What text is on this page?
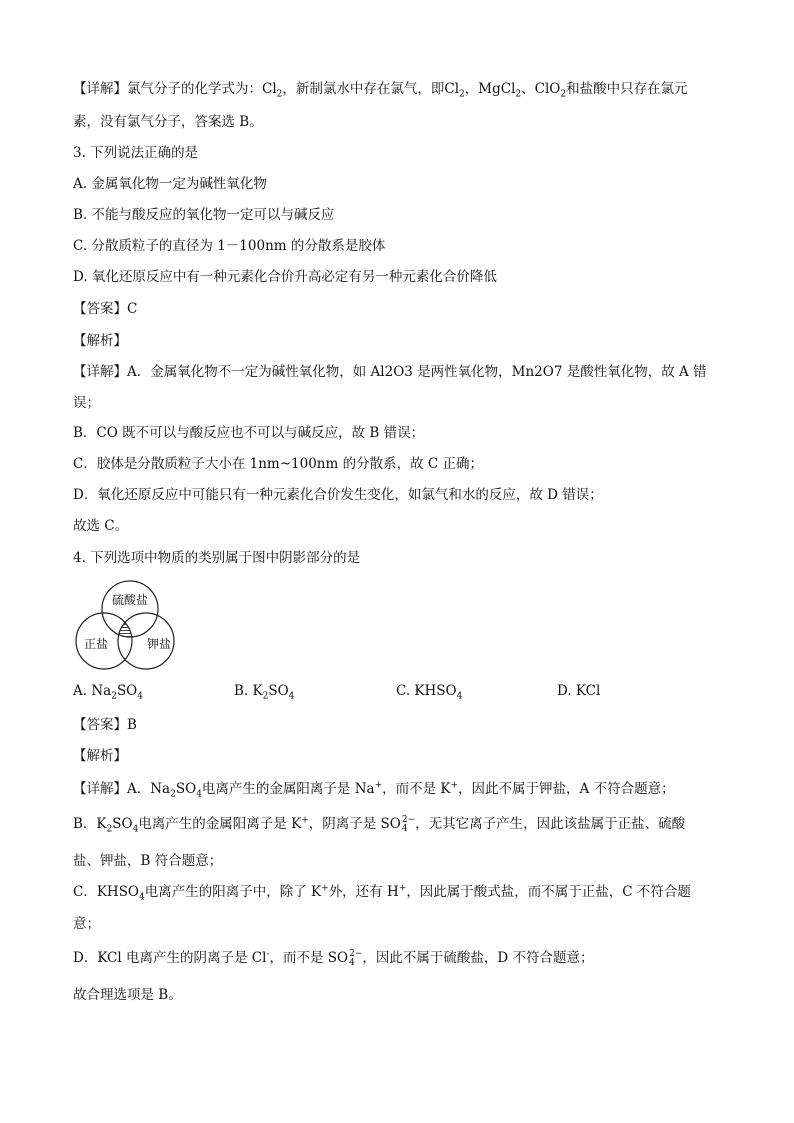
【详解】氯气分子的化学式为：$Cl_2$，新制氯水中存在氯气，即$Cl_2$，MgCl$_2$、ClO$_2$和盐酸中只存在氯元
素，没有氯气分子，答案选 B。
3. 下列说法正确的是
A. 金属氧化物一定为碱性氧化物
B. 不能与酸反应的氧化物一定可以与碱反应
C. 分散质粒子的直径为 1－100nm 的分散系是胶体
D. 氧化还原反应中有一种元素化合价升高必定有另一种元素化合价降低
【答案】C
【解析】
【详解】A．金属氧化物不一定为碱性氧化物，如 Al2O3 是两性氧化物，Mn2O7 是酸性氧化物，故 A 错
误；
B．CO 既不可以与酸反应也不可以与碱反应，故 B 错误；
C．胶体是分散质粒子大小在 1nm~100nm 的分散系，故 C 正确；
D．氧化还原反应中可能只有一种元素化合价发生变化，如氯气和水的反应，故 D 错误；
故选 C。
4. 下列选项中物质的类别属于图中阴影部分的是
硫酸盐
正盐	钾盐
A. $Na_2SO_4$	B. $K_2SO_4$	C. $KHSO_4$	D. KCl
【答案】B
【解析】
【详解】A．$Na_2SO_4$电离产生的金属阳离子是 Na+，而不是 K+，因此不属于钾盐，A 不符合题意；
B．$K_2SO_4$电离产生的金属阳离子是 K+，阴离子是 SO 2−
4 ，无其它离子产生，因此该盐属于正盐、硫酸
盐、钾盐，B 符合题意；
C．$KHSO_4$电离产生的阳离子中，除了 K+外，还有 H+，因此属于酸式盐，而不属于正盐，C 不符合题
意；
D．KCl 电离产生的阴离子是 Cl-，而不是 SO 2−
4 ，因此不属于硫酸盐，D 不符合题意；
故合理选项是 B。
